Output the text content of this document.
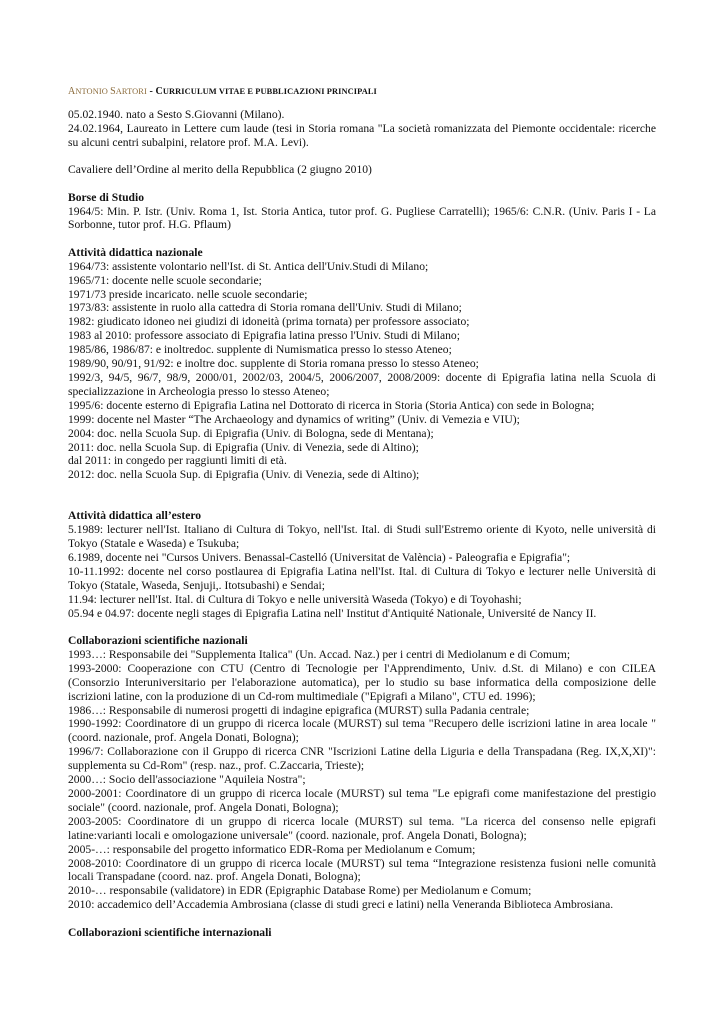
ANTONIO SARTORI - CURRICULUM VITAE E PUBBLICAZIONI PRINCIPALI

05.02.1940. nato a Sesto S.Giovanni (Milano).

24.02.1964, Laureato in Lettere cum laude (tesi in Storia romana "La società romanizzata del Piemonte occidentale: ricerche su alcuni centri subalpini, relatore prof. M.A. Levi).

Cavaliere dell’Ordine al merito della Repubblica (2 giugno 2010)

Borse di Studio

1964/5: Min. P. Istr. (Univ. Roma 1, Ist. Storia Antica, tutor prof. G. Pugliese Carratelli); 1965/6: C.N.R. (Univ. Paris I - La Sorbonne, tutor prof. H.G. Pflaum)

Attività didattica nazionale

1964/73: assistente volontario nell'Ist. di St. Antica dell'Univ.Studi di Milano;

1965/71: docente nelle scuole secondarie;

1971/73 preside incaricato. nelle scuole secondarie;

1973/83: assistente in ruolo alla cattedra di Storia romana dell'Univ. Studi di Milano;

1982: giudicato idoneo nei giudizi di idoneità (prima tornata) per professore associato;

1983 al 2010: professore associato di Epigrafia latina presso l'Univ. Studi di Milano;

1985/86, 1986/87: e inoltredoc. supplente di Numismatica presso lo stesso Ateneo;

1989/90, 90/91, 91/92: e inoltre doc. supplente di Storia romana presso lo stesso Ateneo;

1992/3, 94/5, 96/7, 98/9, 2000/01, 2002/03, 2004/5, 2006/2007, 2008/2009: docente di Epigrafia latina nella Scuola di specializzazione in Archeologia presso lo stesso Ateneo;

1995/6: docente esterno di Epigrafia Latina nel Dottorato di ricerca in Storia (Storia Antica) con sede in Bologna;

1999: docente nel Master “The Archaeology and dynamics of writing” (Univ. di Vemezia e VIU);

2004: doc. nella Scuola Sup. di Epigrafia (Univ. di Bologna, sede di Mentana);

2011: doc. nella Scuola Sup. di Epigrafia (Univ. di Venezia, sede di Altino);

dal 2011: in congedo per raggiunti limiti di età.

2012: doc. nella Scuola Sup. di Epigrafia (Univ. di Venezia, sede di Altino);

Attività didattica all’estero

5.1989: lecturer nell'Ist. Italiano di Cultura di Tokyo, nell'Ist. Ital. di Studi sull'Estremo oriente di Kyoto, nelle università di Tokyo (Statale e Waseda) e Tsukuba;

6.1989, docente nei "Cursos Univers. Benassal-Castelló (Universitat de València) - Paleografia e Epigrafia";

10-11.1992: docente nel corso postlaurea di Epigrafia Latina nell'Ist. Ital. di Cultura di Tokyo e lecturer nelle Università di Tokyo (Statale, Waseda, Senjuji,. Itotsubashi) e Sendai;

11.94: lecturer nell'Ist. Ital. di Cultura di Tokyo e nelle università Waseda (Tokyo) e di Toyohashi;

05.94 e 04.97: docente negli stages di Epigrafia Latina nell' Institut d'Antiquité Nationale, Université de Nancy II.

Collaborazioni scientifiche nazionali

1993…: Responsabile dei "Supplementa Italica" (Un. Accad. Naz.) per i centri di Mediolanum e di Comum;

1993-2000: Cooperazione con CTU (Centro di Tecnologie per l'Apprendimento, Univ. d.St. di Milano) e con CILEA (Consorzio Interuniversitario per l'elaborazione automatica), per lo studio su base informatica della composizione delle iscrizioni latine, con la produzione di un Cd-rom multimediale ("Epigrafi a Milano", CTU ed. 1996);

1986…: Responsabile di numerosi progetti di indagine epigrafica (MURST) sulla Padania centrale;

1990-1992: Coordinatore di un gruppo di ricerca locale (MURST) sul tema "Recupero delle iscrizioni latine in area locale " (coord. nazionale, prof. Angela Donati, Bologna);

1996/7: Collaborazione con il Gruppo di ricerca CNR "Iscrizioni Latine della Liguria e della Transpadana (Reg. IX,X,XI)": supplementa su Cd-Rom" (resp. naz., prof. C.Zaccaria, Trieste);

2000…: Socio dell'associazione "Aquileia Nostra";

2000-2001: Coordinatore di un gruppo di ricerca locale (MURST) sul tema "Le epigrafi come manifestazione del prestigio sociale" (coord. nazionale, prof. Angela Donati, Bologna);

2003-2005: Coordinatore di un gruppo di ricerca locale (MURST) sul tema. "La ricerca del consenso nelle epigrafi latine:varianti locali e omologazione universale" (coord. nazionale, prof. Angela Donati, Bologna);

2005-…: responsabile del progetto informatico EDR-Roma per Mediolanum e Comum;

2008-2010: Coordinatore di un gruppo di ricerca locale (MURST) sul tema “Integrazione resistenza fusioni nelle comunità locali Transpadane (coord. naz. prof. Angela Donati, Bologna);

2010-… responsabile (validatore) in EDR (Epigraphic Database Rome) per Mediolanum e Comum;

2010: accademico dell’Accademia Ambrosiana (classe di studi greci e latini) nella Veneranda Biblioteca Ambrosiana.

Collaborazioni scientifiche internazionali
